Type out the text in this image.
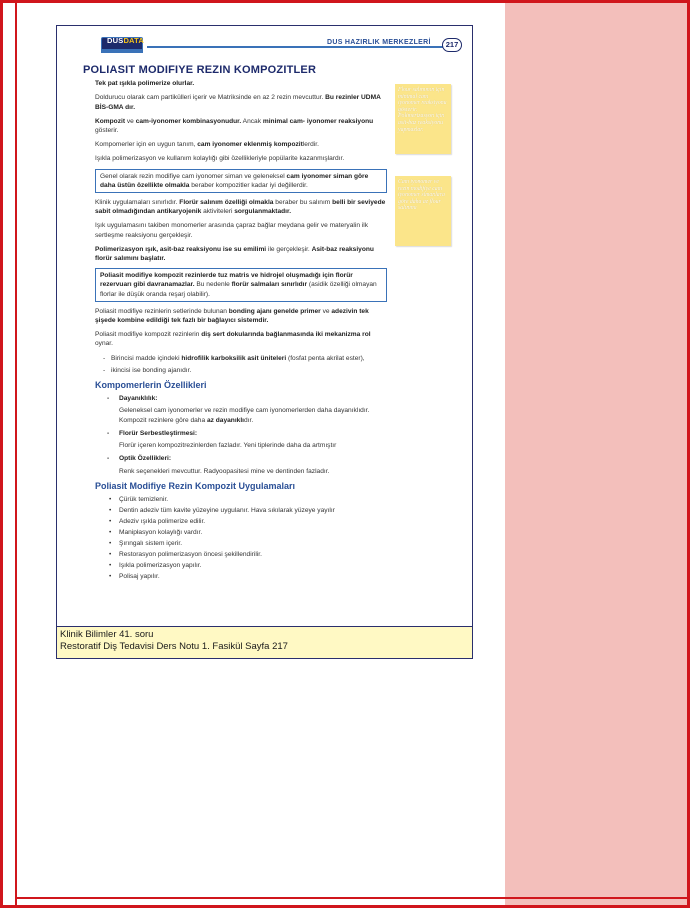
DUSDATA	DUS HAZIRLIK MERKEZLERİ	217
POLIASIT MODIFIYE REZIN KOMPOZITLER
Tek pat ışıkla polimerize olurlar.
Doldurucu olarak cam partikülleri içerir ve Matriksinde en az 2 rezin mevcuttur. Bu rezinler UDMA BİS-GMA dır.
Kompozit ve cam-iyonomer kombinasyonudur. Ancak minimal cam- iyonomer reaksiyonu gösterir.
Kompomerler için en uygun tanım, cam iyonomer eklenmiş kompozitlerdir.
Işıkla polimerizasyon ve kullanım kolaylığı gibi özellikleriyle popülarite kazanmışlardır.
Genel olarak rezin modifiye cam iyonomer siman ve geleneksel cam iyonomer siman göre daha üstün özellikte olmakla beraber kompozitler kadar iyi değillerdir.
Klinik uygulamaları sınırlıdır. Florür salınım özelliği olmakla beraber bu salınım belli bir seviyede sabit olmadığından antikaryojenik aktiviteleri sorgulanmaktadır.
Işık uygulamasını takiben monomerler arasında çapraz bağlar meydana gelir ve materyalin ilk sertleşme reaksiyonu gerçekleşir.
Polimerizasyon ışık, asit-baz reaksiyonu ise su emilimi ile gerçekleşir. Asit-baz reaksiyonu florür salımını başlatır.
Poliasit modifiye kompozit rezinlerde tuz matris ve hidrojel oluşmadığı için florür rezervuarı gibi davranamazlar. Bu nedenle florür salmaları sınırlıdır (asidik özelliği olmayan florlar ile düşük oranda reşarj olabilir).
Poliasit modifiye rezinlerin setlerinde bulunan bonding ajanı genelde primer ve adezivin tek şişede kombine edildiği tek fazlı bir bağlayıcı sistemdir.
Poliasit modifiye kompozit rezinlerin diş sert dokularında bağlanmasında iki mekanizma rol oynar.
- Birincisi madde içindeki hidrofilik karboksilik asit üniteleri (fosfat penta akrilat ester),
- ikincisi ise bonding ajanıdır.
Kompomerlerin Özellikleri
- Dayanıklılık:
Geleneksel cam iyonomerler ve rezin modifiye cam iyonomerlerden daha dayanıklıdır. Kompozit rezinlere göre daha az dayanıklıdır.
- Florür Serbestleştirmesi:
Florür içeren kompozitrezinlerden fazladır. Yeni tiplerinde daha da artmıştır
- Optik Özellikleri:
Renk seçenekleri mevcuttur. Radyoopasitesi mine ve dentinden fazladır.
Poliasit Modifiye Rezin Kompozit Uygulamaları
• Çürük temizlenir.
• Dentin adeziv tüm kavite yüzeyine uygulanır. Hava sıkılarak yüzeye yayılır
• Adeziv ışıkla polimerize edilir.
• Manipłasyon kolaylığı vardır.
• Şırıngalı sistem içerir.
• Restorasyon polimerizasyon öncesi şekillendirilir.
• Işıkla polimerizasyon yapılır.
• Polisaj yapılır.
Flour salınımın için minimal cam iyonomer reaksiyonu gösterir. Polimerizasyon için asit-baz reaksiyonu yapmazlar.
Cam iyonomer ve rezin modifiye cam iyonomer simanlara göre daha az flour salınımı
Klinik Bilimler 41. soru
Restoratif Diş Tedavisi Ders Notu 1. Fasikül Sayfa 217
